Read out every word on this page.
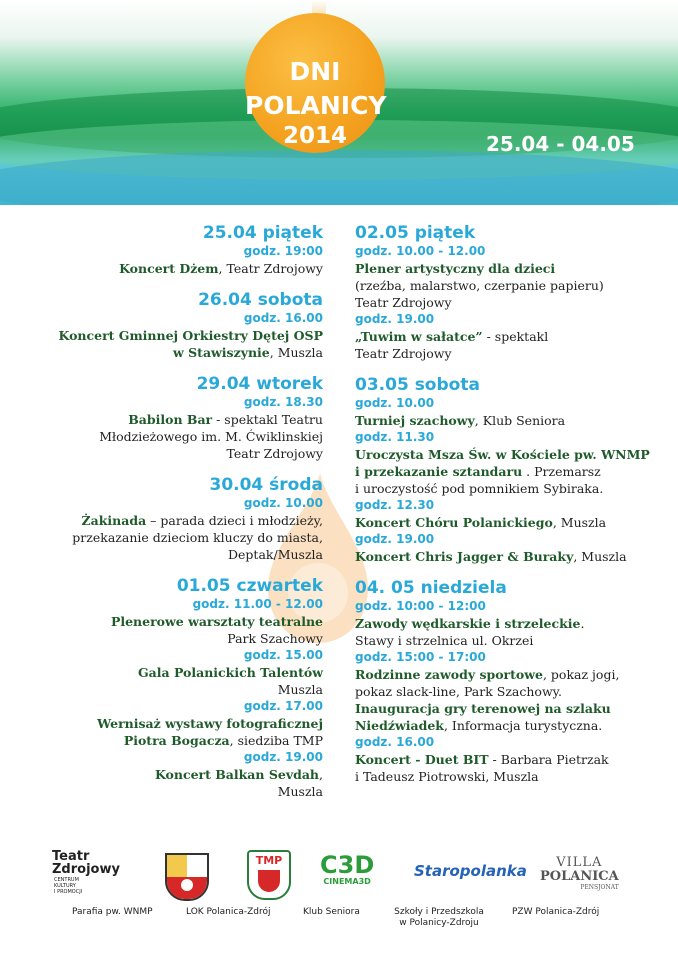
DNI
POLANICY
2014	25.04 - 04.05
25.04 piątek
godz. 19:00
Koncert Dżem, Teatr Zdrojowy
26.04 sobota
godz. 16.00
Koncert Gminnej Orkiestry Dętej OSP
w Stawiszynie, Muszla
29.04 wtorek
godz. 18.30
Babilon Bar - spektakl Teatru
Młodzieżowego im. M. Ćwiklinskiej
Teatr Zdrojowy
30.04 środa
godz. 10.00
Żakinada – parada dzieci i młodzieży,
przekazanie dzieciom kluczy do miasta,
Deptak/Muszla
01.05 czwartek
godz. 11.00 - 12.00
Plenerowe warsztaty teatralne
Park Szachowy
godz. 15.00
Gala Polanickich Talentów
Muszla
godz. 17.00
Wernisaż wystawy fotograficznej
Piotra Bogacza, siedziba TMP
godz. 19.00
Koncert Balkan Sevdah,
Muszla
02.05 piątek
godz. 10.00 - 12.00
Plener artystyczny dla dzieci
(rzeźba, malarstwo, czerpanie papieru)
Teatr Zdrojowy
godz. 19.00
„Tuwim w sałatce” - spektakl
Teatr Zdrojowy
03.05 sobota
godz. 10.00
Turniej szachowy, Klub Seniora
godz. 11.30
Uroczysta Msza Św. w Kościele pw. WNMP
i przekazanie sztandaru . Przemarsz
i uroczystość pod pomnikiem Sybiraka.
godz. 12.30
Koncert Chóru Polanickiego, Muszla
godz. 19.00
Koncert Chris Jagger & Buraky, Muszla
04. 05 niedziela
godz. 10:00 - 12:00
Zawody wędkarskie i strzeleckie.
Stawy i strzelnica ul. Okrzei
godz. 15:00 - 17:00
Rodzinne zawody sportowe, pokaz jogi,
pokaz slack-line, Park Szachowy.
Inauguracja gry terenowej na szlaku
Niedźwiadek, Informacja turystyczna.
godz. 16.00
Koncert - Duet BIT - Barbara Pietrzak
i Tadeusz Piotrowski, Muszla
Teatr
Zdrojowy
CENTRUM
KULTURY
I PROMOCJI
TMP C3D
CINEMA3D
Staropolanka	VILLA
POLANICA
PENSJONAT
Parafia pw. WNMP	LOK Polanica-Zdrój	Klub Seniora	Szkoły i Przedszkola
w Polanicy-Zdroju
PZW Polanica-Zdrój
